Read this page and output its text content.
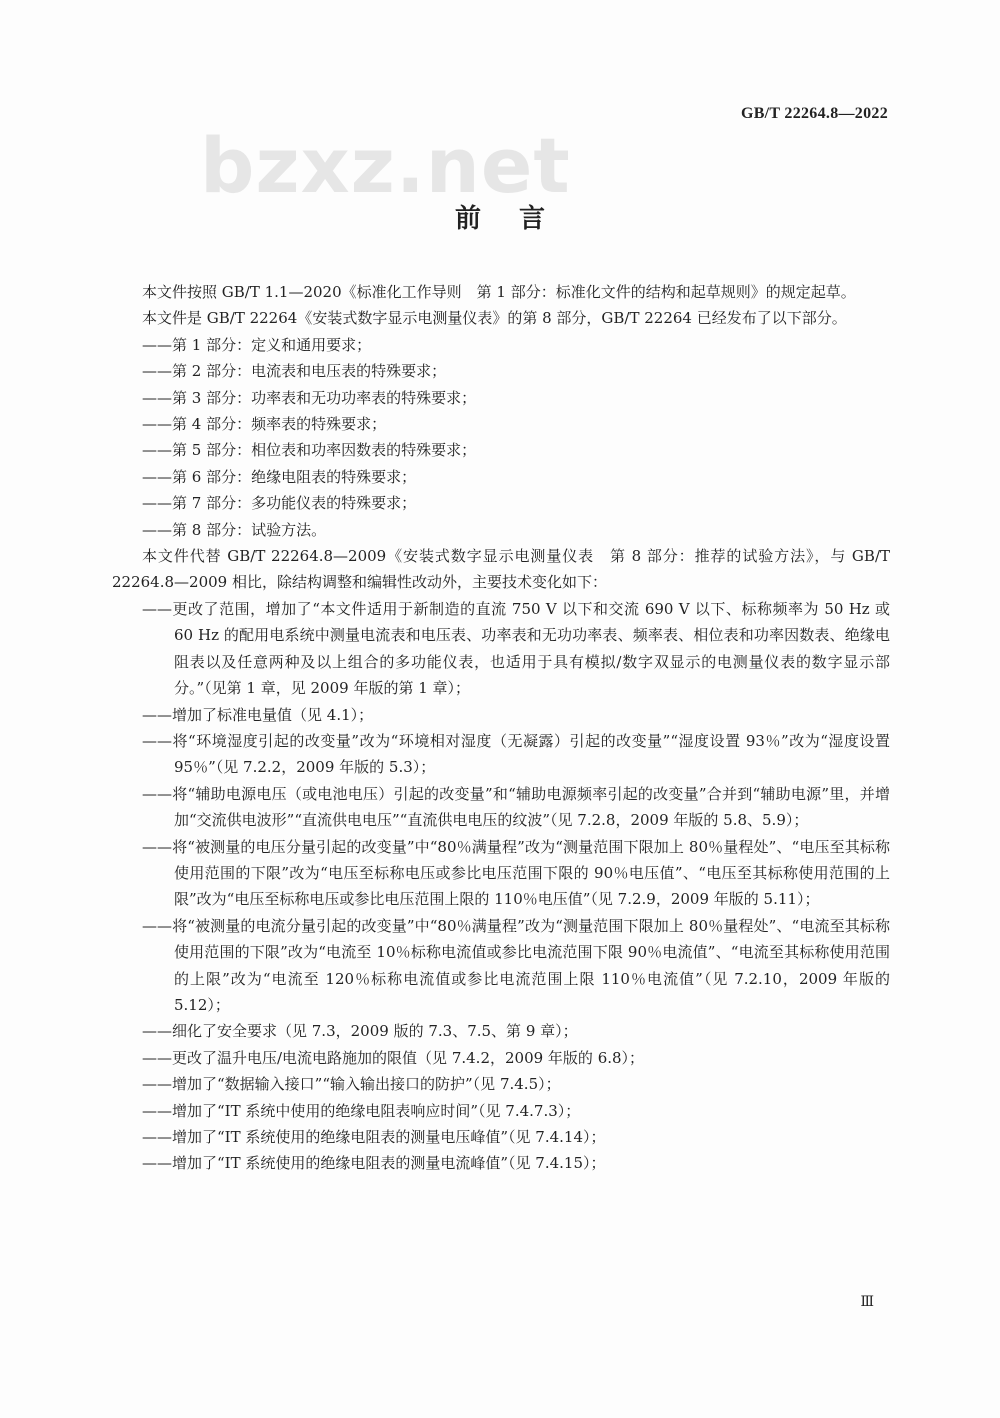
GB/T 22264.8—2022
bzxz.net
前言

本文件按照 GB/T 1.1—2020《标准化工作导则　第 1 部分：标准化文件的结构和起草规则》的规定起草。

本文件是 GB/T 22264《安装式数字显示电测量仪表》的第 8 部分，GB/T 22264 已经发布了以下部分。

——第 1 部分：定义和通用要求；
——第 2 部分：电流表和电压表的特殊要求；
——第 3 部分：功率表和无功功率表的特殊要求；
——第 4 部分：频率表的特殊要求；
——第 5 部分：相位表和功率因数表的特殊要求；
——第 6 部分：绝缘电阻表的特殊要求；
——第 7 部分：多功能仪表的特殊要求；
——第 8 部分：试验方法。

本文件代替 GB/T 22264.8—2009《安装式数字显示电测量仪表　第 8 部分：推荐的试验方法》，与 GB/T 22264.8—2009 相比，除结构调整和编辑性改动外，主要技术变化如下：

——更改了范围，增加了“本文件适用于新制造的直流 750 V 以下和交流 690 V 以下、标称频率为 50 Hz 或 60 Hz 的配用电系统中测量电流表和电压表、功率表和无功功率表、频率表、相位表和功率因数表、绝缘电阻表以及任意两种及以上组合的多功能仪表，也适用于具有模拟/数字双显示的电测量仪表的数字显示部分。”（见第 1 章，见 2009 年版的第 1 章）；
——增加了标准电量值（见 4.1）；
——将“环境湿度引起的改变量”改为“环境相对湿度（无凝露）引起的改变量”“湿度设置 93％”改为“湿度设置 95％”（见 7.2.2，2009 年版的 5.3）；
——将“辅助电源电压（或电池电压）引起的改变量”和“辅助电源频率引起的改变量”合并到“辅助电源”里，并增加“交流供电波形”“直流供电电压”“直流供电电压的纹波”（见 7.2.8，2009 年版的 5.8、5.9）；
——将“被测量的电压分量引起的改变量”中“80％满量程”改为“测量范围下限加上 80％量程处”、“电压至其标称使用范围的下限”改为“电压至标称电压或参比电压范围下限的 90％电压值”、“电压至其标称使用范围的上限”改为“电压至标称电压或参比电压范围上限的 110％电压值”（见 7.2.9，2009 年版的 5.11）；
——将“被测量的电流分量引起的改变量”中“80％满量程”改为“测量范围下限加上 80％量程处”、“电流至其标称使用范围的下限”改为“电流至 10％标称电流值或参比电流范围下限 90％电流值”、“电流至其标称使用范围的上限”改为“电流至 120％标称电流值或参比电流范围上限 110％电流值”（见 7.2.10，2009 年版的 5.12）；
——细化了安全要求（见 7.3，2009 版的 7.3、7.5、第 9 章）；
——更改了温升电压/电流电路施加的限值（见 7.4.2，2009 年版的 6.8）；
——增加了“数据输入接口”“输入输出接口的防护”（见 7.4.5）；
——增加了“IT 系统中使用的绝缘电阻表响应时间”（见 7.4.7.3）；
——增加了“IT 系统使用的绝缘电阻表的测量电压峰值”（见 7.4.14）；
——增加了“IT 系统使用的绝缘电阻表的测量电流峰值”（见 7.4.15）；
Ⅲ
